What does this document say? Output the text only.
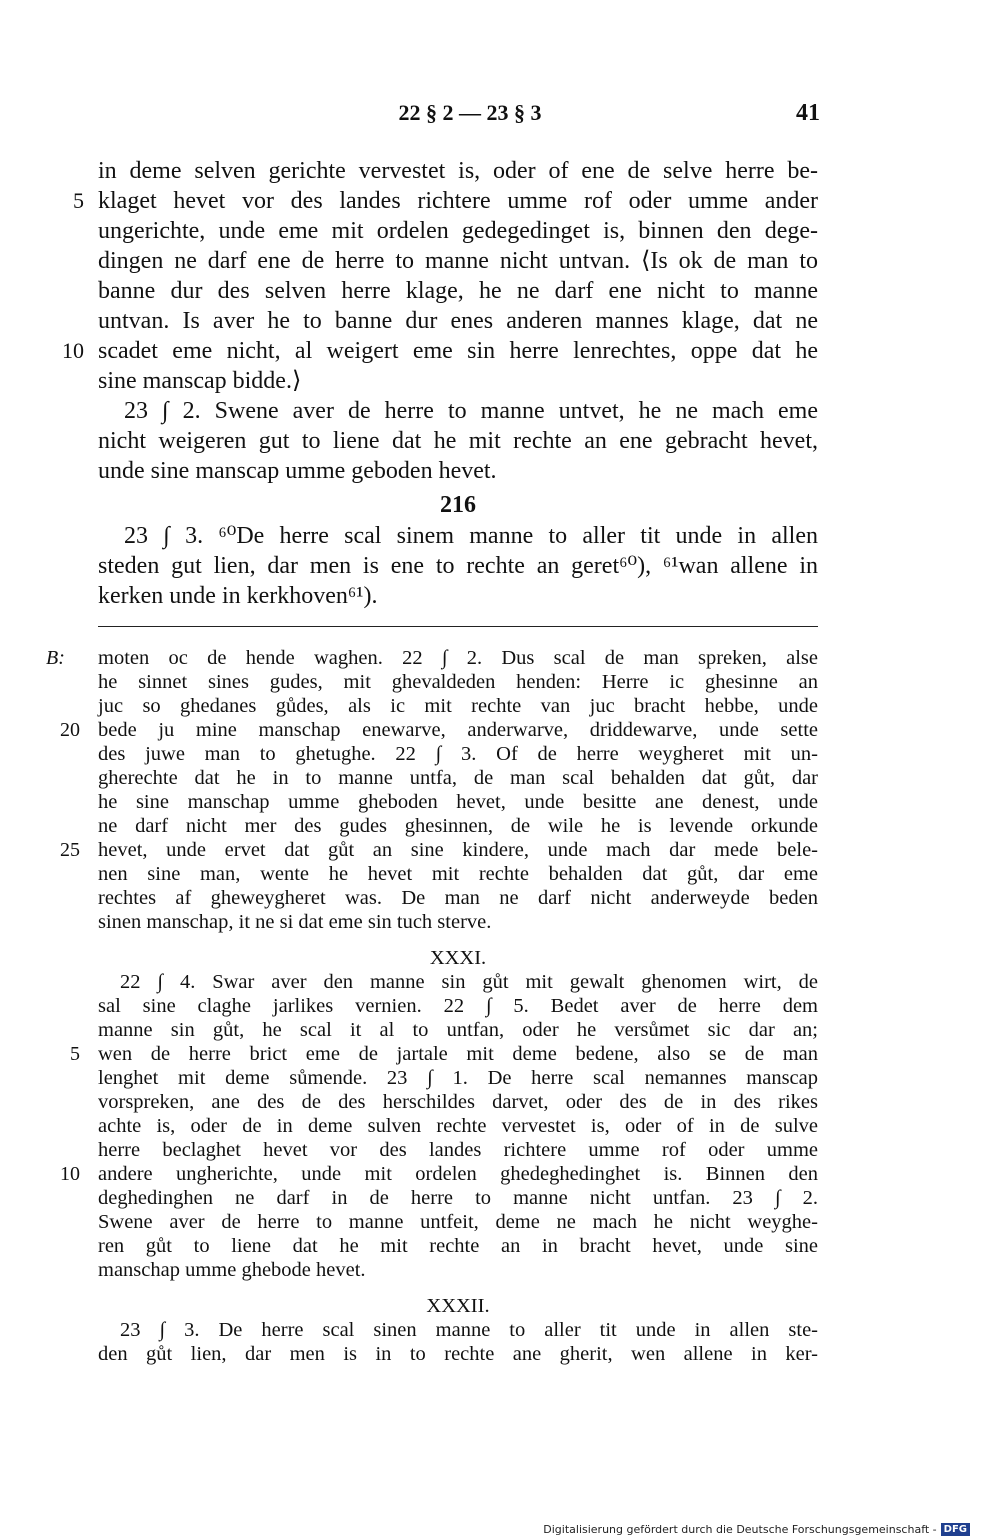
22 § 2 — 23 § 3	41
in deme selven gerichte vervestet is, oder of ene de selve herre be-
klaget hevet vor des landes richtere umme rof oder umme ander
ungerichte, unde eme mit ordelen gedegedinget is, binnen den dege-
dingen ne darf ene de herre to manne nicht untvan. ⟨Is ok de man to
banne dur des selven herre klage, he ne darf ene nicht to manne
untvan. Is aver he to banne dur enes anderen mannes klage, dat ne
scadet eme nicht, al weigert eme sin herre lenrechtes, oppe dat he
sine manscap bidde.⟩
23 ∫ 2. Swene aver de herre to manne untvet, he ne mach eme
nicht weigeren gut to liene dat he mit rechte an ene gebracht hevet,
unde sine manscap umme geboden hevet.
5
10
216
23 ∫ 3. ⁶⁰De herre scal sinem manne to aller tit unde in allen
steden gut lien, dar men is ene to rechte an geret⁶⁰), ⁶¹wan allene in
kerken unde in kerkhoven⁶¹).
B: moten oc de hende waghen. 22 ∫ 2. Dus scal de man spreken, alse
he sinnet sines gudes, mit ghevaldeden henden: Herre ic ghesinne an
juc so ghedanes gůdes, als ic mit rechte van juc bracht hebbe, unde
bede ju mine manschap enewarve, anderwarve, driddewarve, unde sette
des juwe man to ghetughe. 22 ∫ 3. Of de herre weygheret mit un-
gherechte dat he in to manne untfa, de man scal behalden dat gůt, dar
he sine manschap umme gheboden hevet, unde besitte ane denest, unde
ne darf nicht mer des gudes ghesinnen, de wile he is levende orkunde
hevet, unde ervet dat gůt an sine kindere, unde mach dar mede bele-
nen sine man, wente he hevet mit rechte behalden dat gůt, dar eme
rechtes af gheweygheret was. De man ne darf nicht anderweyde beden
sinen manschap, it ne si dat eme sin tuch sterve.
20
25
XXXI.
22 ∫ 4. Swar aver den manne sin gůt mit gewalt ghenomen wirt, de
sal sine claghe jarlikes vernien. 22 ∫ 5. Bedet aver de herre dem
manne sin gůt, he scal it al to untfan, oder he versůmet sic dar an;
wen de herre brict eme de jartale mit deme bedene, also se de man
lenghet mit deme sůmende. 23 ∫ 1. De herre scal nemannes manscap
vorspreken, ane des de des herschildes darvet, oder des de in des rikes
achte is, oder de in deme sulven rechte vervestet is, oder of in de sulve
herre beclaghet hevet vor des landes richtere umme rof oder umme
andere ungherichte, unde mit ordelen ghedeghedinghet is. Binnen den
deghedinghen ne darf in de herre to manne nicht untfan. 23 ∫ 2.
Swene aver de herre to manne untfeit, deme ne mach he nicht weyghe-
ren gůt to liene dat he mit rechte an in bracht hevet, unde sine
manschap umme ghebode hevet.
5
10
XXXII.
23 ∫ 3. De herre scal sinen manne to aller tit unde in allen ste-
den gůt lien, dar men is in to rechte ane gherit, wen allene in ker-
Digitalisierung gefördert durch die Deutsche Forschungsgemeinschaft - DFG
